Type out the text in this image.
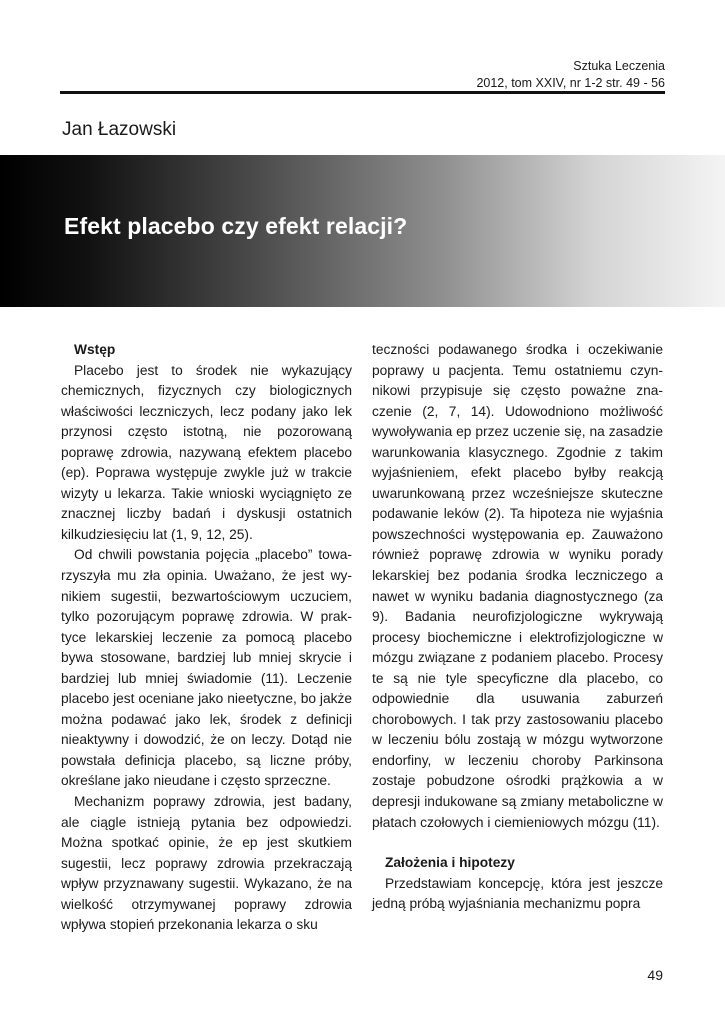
Sztuka Leczenia
2012, tom XXIV, nr 1-2 str. 49 - 56
Jan Łazowski
Efekt placebo czy efekt relacji?
Wstęp

Placebo jest to środek nie wykazujący chemicznych, fizycznych czy biologicznych właściwości leczniczych, lecz podany jako lek przynosi często istotną, nie pozorowaną poprawę zdrowia, nazywaną efektem placebo (ep). Poprawa występuje zwykle już w trakcie wizyty u lekarza. Takie wnioski wyciągnięto ze znacznej liczby badań i dyskusji ostatnich kilkudziesięciu lat (1, 9, 12, 25).

Od chwili powstania pojęcia „placebo” towarzyszyła mu zła opinia. Uważano, że jest wynikiem sugestii, bezwartościowym uczuciem, tylko pozorującym poprawę zdrowia. W praktyce lekarskiej leczenie za pomocą placebo bywa stosowane, bardziej lub mniej skrycie i bardziej lub mniej świadomie (11). Leczenie placebo jest oceniane jako nieetyczne, bo jakże można podawać jako lek, środek z definicji nieaktywny i dowodzić, że on leczy. Dotąd nie powstała definicja placebo, są liczne próby, określane jako nieudane i często sprzeczne.

Mechanizm poprawy zdrowia, jest badany, ale ciągle istnieją pytania bez odpowiedzi. Można spotkać opinie, że ep jest skutkiem sugestii, lecz poprawy zdrowia przekraczają wpływ przyznawany sugestii. Wykazano, że na wielkość otrzymywanej poprawy zdrowia wpływa stopień przekonania lekarza o sku

teczności podawanego środka i oczekiwanie poprawy u pacjenta. Temu ostatniemu czynnikowi przypisuje się często poważne znaczenie (2, 7, 14). Udowodniono możliwość wywoływania ep przez uczenie się, na zasadzie warunkowania klasycznego. Zgodnie z takim wyjaśnieniem, efekt placebo byłby reakcją uwarunkowaną przez wcześniejsze skuteczne podawanie leków (2). Ta hipoteza nie wyjaśnia powszechności występowania ep. Zauważono również poprawę zdrowia w wyniku porady lekarskiej bez podania środka leczniczego a nawet w wyniku badania diagnostycznego (za 9). Badania neurofizjologiczne wykrywają procesy biochemiczne i elektrofizjologiczne w mózgu związane z podaniem placebo. Procesy te są nie tyle specyficzne dla placebo, co odpowiednie dla usuwania zaburzeń chorobowych. I tak przy zastosowaniu placebo w leczeniu bólu zostają w mózgu wytworzone endorfiny, w leczeniu choroby Parkinsona zostaje pobudzone ośrodki prążkowia a w depresji indukowane są zmiany metaboliczne w płatach czołowych i ciemieniowych mózgu (11).

Założenia i hipotezy

Przedstawiam koncepcję, która jest jeszcze jedną próbą wyjaśniania mechanizmu popra

49
